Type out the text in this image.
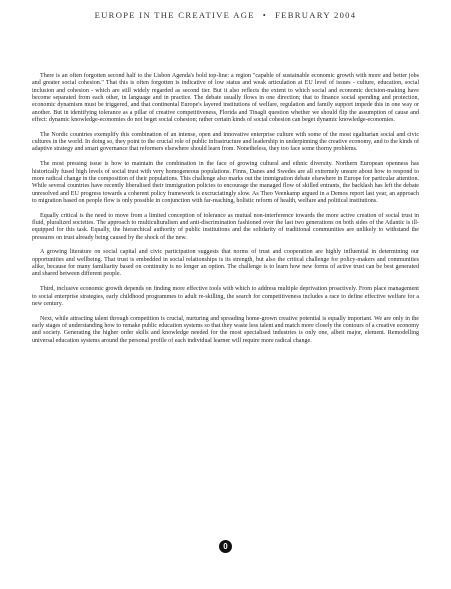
EUROPE IN THE CREATIVE AGE • FEBRUARY 2004

There is an often forgotten second half to the Lisbon Agenda's bold top-line: a region "capable of sustainable economic growth with more and better jobs and greater social cohesion." That this is often forgotten is indicative of low status and weak articulation at EU level of issues - culture, education, social inclusion and cohesion - which are still widely regarded as second tier. But it also reflects the extent to which social and economic decision-making have become separated from each other, in language and in practice. The debate usually flows in one direction; that to finance social spending and protection, economic dynamism must be triggered, and that continental Europe's layered institutions of welfare, regulation and family support impede this in one way or another. But in identifying tolerance as a pillar of creative competitiveness, Florida and Tinagli question whether we should flip the assumption of cause and effect: dynamic knowledge-economies do not beget social cohesion; rather certain kinds of social cohesion can beget dynamic knowledge-economies.

The Nordic countries exemplify this combination of an intense, open and innovative enterprise culture with some of the most egalitarian social and civic cultures in the world. In doing so, they point to the crucial role of public infrastructure and leadership in underpinning the creative economy, and to the kinds of adaptive strategy and smart governance that reformers elsewhere should learn from. Nonetheless, they too face some thorny problems.

The most pressing issue is how to maintain the combination in the face of growing cultural and ethnic diversity. Northern European openness has historically fused high levels of social trust with very homogeneous populations. Finns, Danes and Swedes are all extremely unsure about how to respond to more radical change in the composition of their populations. This challenge also marks out the immigration debate elsewhere in Europe for particular attention. While several countries have recently liberalised their immigration policies to encourage the managed flow of skilled entrants, the backlash has left the debate unresolved and EU progress towards a coherent policy framework is excruciatingly slow. As Theo Veenkamp argued in a Demos report last year, an approach to migration based on people flow is only possible in conjunction with far-reaching, holistic reform of health, welfare and political institutions.

Equally critical is the need to move from a limited conception of tolerance as mutual non-interference towards the more active creation of social trust in fluid, pluralized societies. The approach to multiculturalism and anti-discrimination fashioned over the last two generations on both sides of the Atlantic is ill-equipped for this task. Equally, the hierarchical authority of public institutions and the solidarity of traditional communities are unlikely to withstand the pressures on trust already being caused by the shock of the new.

A growing literature on social capital and civic participation suggests that norms of trust and cooperation are highly influential in determining our opportunities and wellbeing. That trust is embedded in social relationships is its strength, but also the critical challenge for policy-makers and communities alike, because for many familiarity based on continuity is no longer an option. The challenge is to learn how new forms of active trust can be best generated and shared between different people.

Third, inclusive economic growth depends on finding more effective tools with which to address multiple deprivation proactively. From place management to social enterprise strategies, early childhood programmes to adult re-skilling, the search for competitiveness includes a race to define effective welfare for a new century.

Next, while attracting talent through competition is crucial, nurturing and spreading home-grown creative potential is equally important. We are only in the early stages of understanding how to remake public education systems so that they waste less talent and match more closely the contours of a creative economy and society. Generating the higher order skills and knowledge needed for the most specialised industries is only one, albeit major, element. Remodelling universal education systems around the personal profile of each individual learner will require more radical change.

0
